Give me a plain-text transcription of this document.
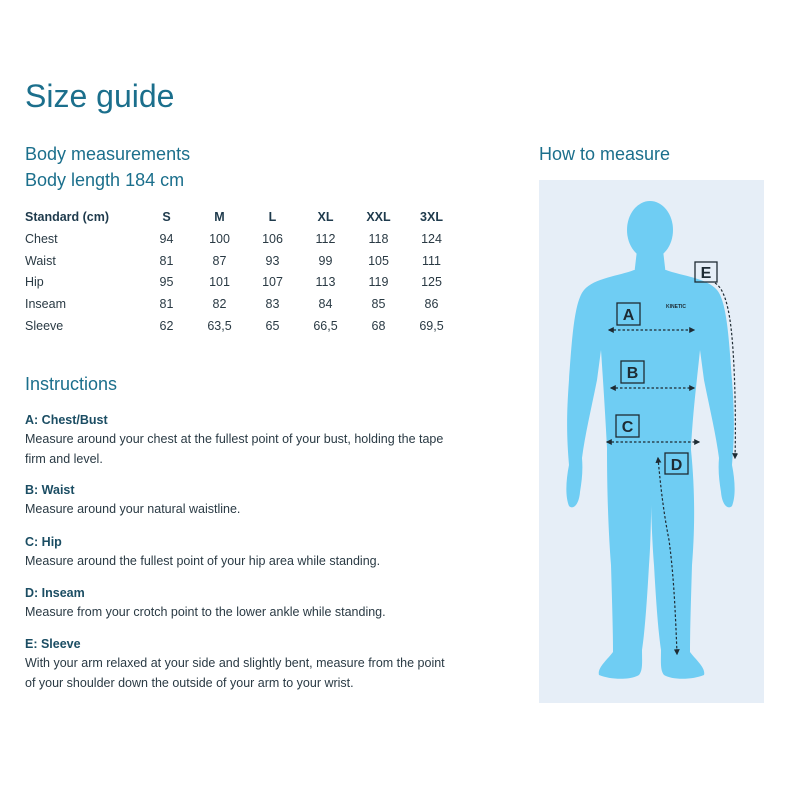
Size guide
Body measurements
Body length 184 cm
How to measure
Standard (cm)	S	M	L	XL	XXL	3XL
Chest	94	100	106	112	118	124
Waist	81	87	93	99	105	111
Hip	95	101	107	113	119	125
Inseam	81	82	83	84	85	86
Sleeve	62	63,5	65	66,5	68	69,5
Instructions
A: Chest/Bust
Measure around your chest at the fullest point of your bust, holding the tape firm and level.
B: Waist
Measure around your natural waistline.
C: Hip
Measure around the fullest point of your hip area while standing.
D: Inseam
Measure from your crotch point to the lower ankle while standing.
E: Sleeve
With your arm relaxed at your side and slightly bent, measure from the point of your shoulder down the outside of your arm to your wrist.
A
B
C
D
E
KINETIC
